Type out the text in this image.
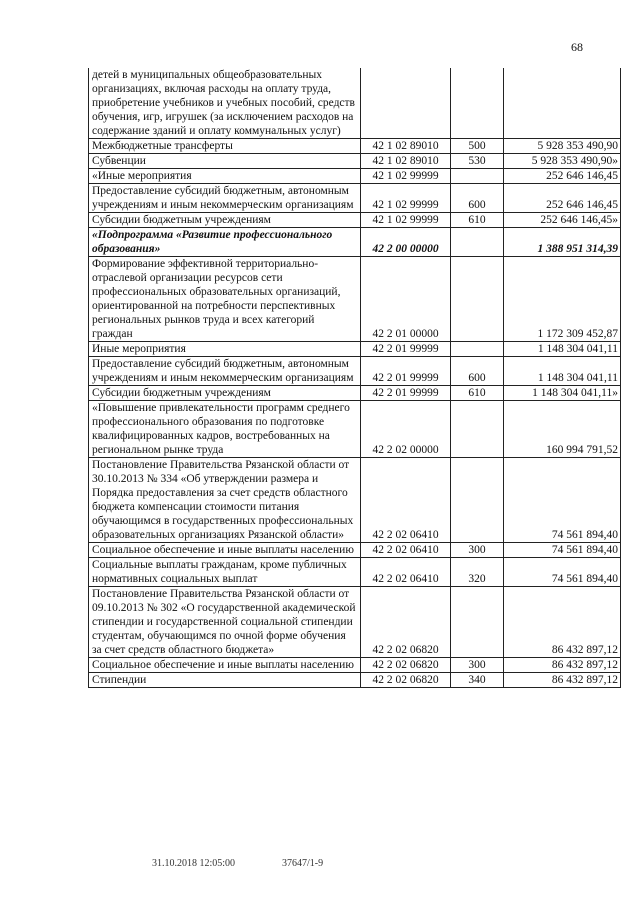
68
детей в муниципальных общеобразовательных организациях, включая расходы на оплату труда, приобретение учебников и учебных пособий, средств обучения, игр, игрушек (за исключением расходов на содержание зданий и оплату коммунальных услуг)			
Межбюджетные трансферты	42 1 02 89010	500	5 928 353 490,90
Субвенции	42 1 02 89010	530	5 928 353 490,90»
«Иные мероприятия	42 1 02 99999		252 646 146,45
Предоставление субсидий бюджетным, автономным учреждениям и иным некоммерческим организациям	42 1 02 99999	600	252 646 146,45
Субсидии бюджетным учреждениям	42 1 02 99999	610	252 646 146,45»
«Подпрограмма «Развитие профессионального образования»	42 2 00 00000		1 388 951 314,39
Формирование эффективной территориально-отраслевой организации ресурсов сети профессиональных образовательных организаций, ориентированной на потребности перспективных региональных рынков труда и всех категорий граждан	42 2 01 00000		1 172 309 452,87
Иные мероприятия	42 2 01 99999		1 148 304 041,11
Предоставление субсидий бюджетным, автономным учреждениям и иным некоммерческим организациям	42 2 01 99999	600	1 148 304 041,11
Субсидии бюджетным учреждениям	42 2 01 99999	610	1 148 304 041,11»
«Повышение привлекательности программ среднего профессионального образования по подготовке квалифицированных кадров, востребованных на региональном рынке труда	42 2 02 00000		160 994 791,52
Постановление Правительства Рязанской области от 30.10.2013 № 334 «Об утверждении размера и Порядка предоставления за счет средств областного бюджета компенсации стоимости питания обучающимся в государственных профессиональных образовательных организациях Рязанской области»	42 2 02 06410		74 561 894,40
Социальное обеспечение и иные выплаты населению	42 2 02 06410	300	74 561 894,40
Социальные выплаты гражданам, кроме публичных нормативных социальных выплат	42 2 02 06410	320	74 561 894,40
Постановление Правительства Рязанской области от 09.10.2013 № 302 «О государственной академической стипендии и государственной социальной стипендии студентам, обучающимся по очной форме обучения за счет средств областного бюджета»	42 2 02 06820		86 432 897,12
Социальное обеспечение и иные выплаты населению	42 2 02 06820	300	86 432 897,12
Стипендии	42 2 02 06820	340	86 432 897,12
31.10.2018 12:05:00	37647/1-9
